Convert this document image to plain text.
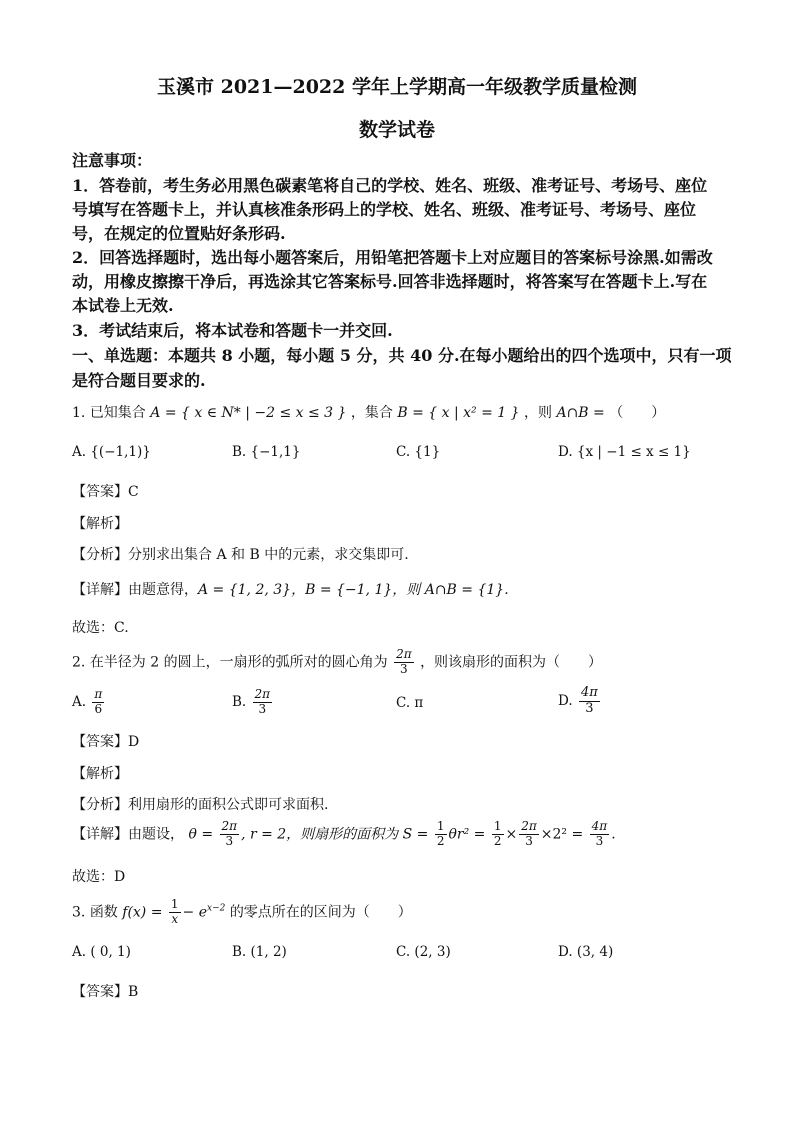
玉溪市 2021—2022 学年上学期高一年级教学质量检测
数学试卷
注意事项：
1．答卷前，考生务必用黑色碳素笔将自己的学校、姓名、班级、准考证号、考场号、座位
号填写在答题卡上，并认真核准条形码上的学校、姓名、班级、准考证号、考场号、座位
号，在规定的位置贴好条形码.
2．回答选择题时，选出每小题答案后，用铅笔把答题卡上对应题目的答案标号涂黑.如需改
动，用橡皮擦擦干净后，再选涂其它答案标号.回答非选择题时，将答案写在答题卡上.写在
本试卷上无效.
3．考试结束后，将本试卷和答题卡一并交回.
一、单选题：本题共 8 小题，每小题 5 分，共 40 分.在每小题给出的四个选项中，只有一项
是符合题目要求的.
1. 已知集合 A = { x ∈ N* | −2 ≤ x ≤ 3 } ，集合 B = { x | x² = 1 } ，则 A∩B = （　　）
A. {(−1,1)}	B. {−1,1}	C. {1}	D. {x | −1 ≤ x ≤ 1}
【答案】C
【解析】
【分析】分别求出集合 A 和 B 中的元素，求交集即可.
【详解】由题意得，A = {1, 2, 3}，B = {−1, 1}，则 A∩B = {1}.
故选：C.
2. 在半径为 2 的圆上，一扇形的弧所对的圆心角为 $\frac{2\pi}{3}$ ，则该扇形的面积为（　　）
A. $\frac{\pi}{6}$	B. $\frac{2\pi}{3}$	C. π	D. $\frac{4\pi}{3}$
【答案】D
【解析】
【分析】利用扇形的面积公式即可求面积.
【详解】由题设， $\theta = \frac{2\pi}{3}$ , r = 2，则扇形的面积为 $S = \frac{1}{2} \theta r^2 = \frac{1}{2} \times \frac{2\pi}{3} \times 2^2 = \frac{4\pi}{3}$ .
故选：D
3. 函数 $f(x) = \frac{1}{x} - e^{x-2}$ 的零点所在的区间为（　　）
A. ( 0, 1)	B. (1, 2)	C. (2, 3)	D. (3, 4)
【答案】B
